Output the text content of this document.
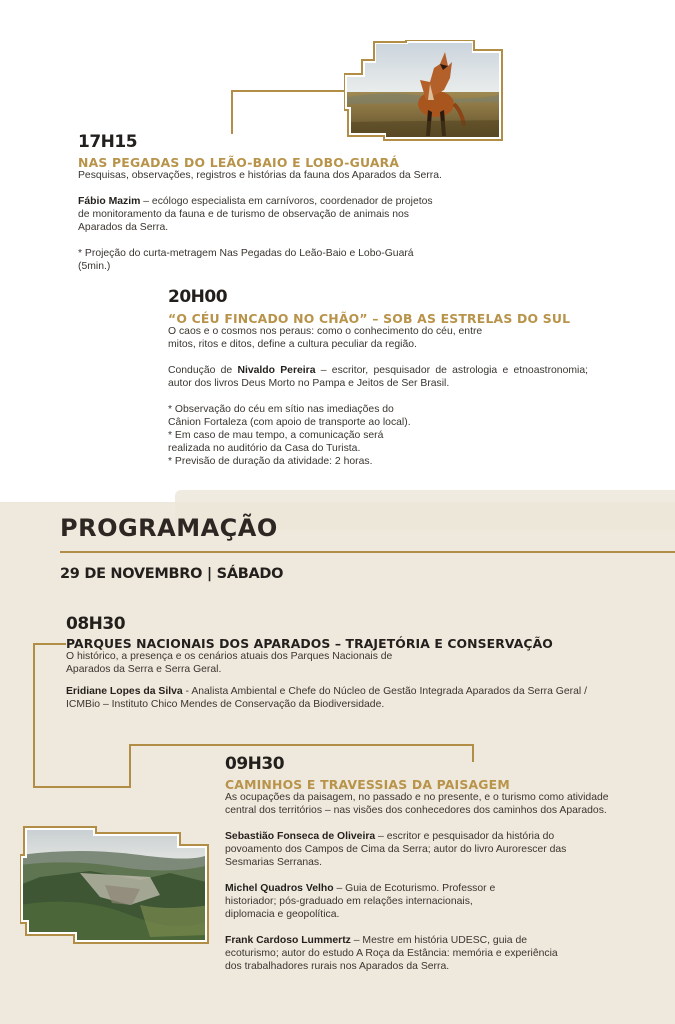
17H15
NAS PEGADAS DO LEÃO-BAIO E LOBO-GUARÁ

Pesquisas, observações, registros e histórias da fauna dos Aparados da Serra.

Fábio Mazim – ecólogo especialista em carnívoros, coordenador de projetos de monitoramento da fauna e de turismo de observação de animais nos Aparados da Serra.

* Projeção do curta-metragem Nas Pegadas do Leão-Baio e Lobo-Guará (5min.)

20H00
“O CÉU FINCADO NO CHÃO” – SOB AS ESTRELAS DO SUL

O caos e o cosmos nos peraus: como o conhecimento do céu, entre mitos, ritos e ditos, define a cultura peculiar da região.

Condução de Nivaldo Pereira – escritor, pesquisador de astrologia e etnoastronomia; autor dos livros Deus Morto no Pampa e Jeitos de Ser Brasil.

* Observação do céu em sítio nas imediações do Cânion Fortaleza (com apoio de transporte ao local).

* Em caso de mau tempo, a comunicação será realizada no auditório da Casa do Turista.

* Previsão de duração da atividade: 2 horas.

PROGRAMAÇÃO
29 DE NOVEMBRO | SÁBADO
08H30
PARQUES NACIONAIS DOS APARADOS – TRAJETÓRIA E CONSERVAÇÃO

O histórico, a presença e os cenários atuais dos Parques Nacionais de Aparados da Serra e Serra Geral.

Eridiane Lopes da Silva - Analista Ambiental e Chefe do Núcleo de Gestão Integrada Aparados da Serra Geral / ICMBio – Instituto Chico Mendes de Conservação da Biodiversidade.

09H30
CAMINHOS E TRAVESSIAS DA PAISAGEM

As ocupações da paisagem, no passado e no presente, e o turismo como atividade central dos territórios – nas visões dos conhecedores dos caminhos dos Aparados.

Sebastião Fonseca de Oliveira – escritor e pesquisador da história do povoamento dos Campos de Cima da Serra; autor do livro Aurorescer das Sesmarias Serranas.

Michel Quadros Velho – Guia de Ecoturismo. Professor e historiador; pós-graduado em relações internacionais, diplomacia e geopolítica.

Frank Cardoso Lummertz – Mestre em história UDESC, guia de ecoturismo; autor do estudo A Roça da Estância: memória e experiência dos trabalhadores rurais nos Aparados da Serra.
